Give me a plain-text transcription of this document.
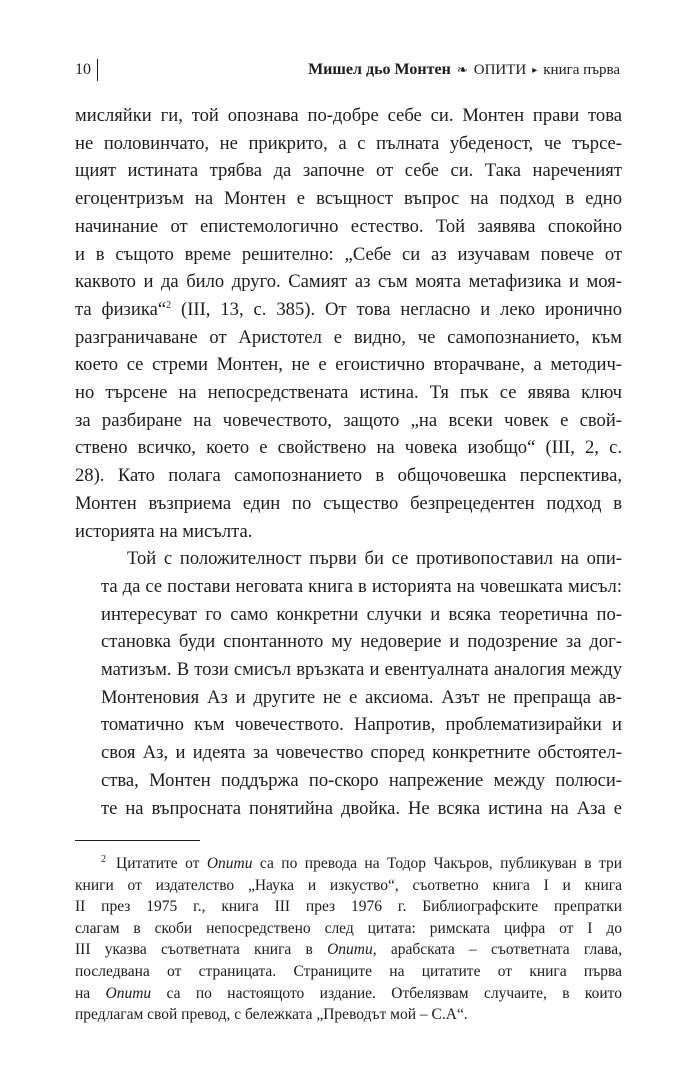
10	Мишел дьо Монтен ❧ ОПИТИ ▸ книга първа

мисляйки ги, той опознава по-добре себе си. Монтен прави това
не половинчато, не прикрито, а с пълната убеденост, че търсе-
щият истината трябва да започне от себе си. Така нареченият
егоцентризъм на Монтен е всъщност въпрос на подход в едно
начинание от епистемологично естество. Той заявява спокойно
и в същото време решително: „Себе си аз изучавам повече от
каквото и да било друго. Самият аз съм моята метафизика и моя-
та физика“$^2$ (III, 13, с. 385). От това негласно и леко иронично
разграничаване от Аристотел е видно, че самопознанието, към
което се стреми Монтен, не е егоистично вторачване, а методич-
но търсене на непосредствената истина. Тя пък се явява ключ
за разбиране на човечеството, защото „на всеки човек е свой-
ствено всичко, което е свойствено на човека изобщо“ (III, 2, с.
28). Като полага самопознанието в общочовешка перспектива,
Монтен възприема един по същество безпрецедентен подход в
историята на мисълта.

Той с положителност първи би се противопоставил на опи-
та да се постави неговата книга в историята на човешката мисъл:
интересуват го само конкретни случки и всяка теоретична по-
становка буди спонтанното му недоверие и подозрение за дог-
матизъм. В този смисъл връзката и евентуалната аналогия между
Монтеновия Аз и другите не е аксиома. Азът не препраща ав-
томатично към човечеството. Напротив, проблематизирайки и
своя Аз, и идеята за човечество според конкретните обстоятел-
ства, Монтен поддържа по-скоро напрежение между полюси-
те на въпросната понятийна двойка. Не всяка истина на Аза е

$^2$ Цитатите от Опити са по превода на Тодор Чакъров, публикуван в три
книги от издателство „Наука и изкуство“, съответно книга I и книга
II през 1975 г., книга III през 1976 г. Библиографските препратки
слагам в скоби непосредствено след цитата: римската цифра от I до
III указва съответната книга в Опити, арабската – съответната глава,
последвана от страницата. Страниците на цитатите от книга първа
на Опити са по настоящото издание. Отбелязвам случаите, в които
предлагам свой превод, с бележката „Преводът мой – С.А“.
